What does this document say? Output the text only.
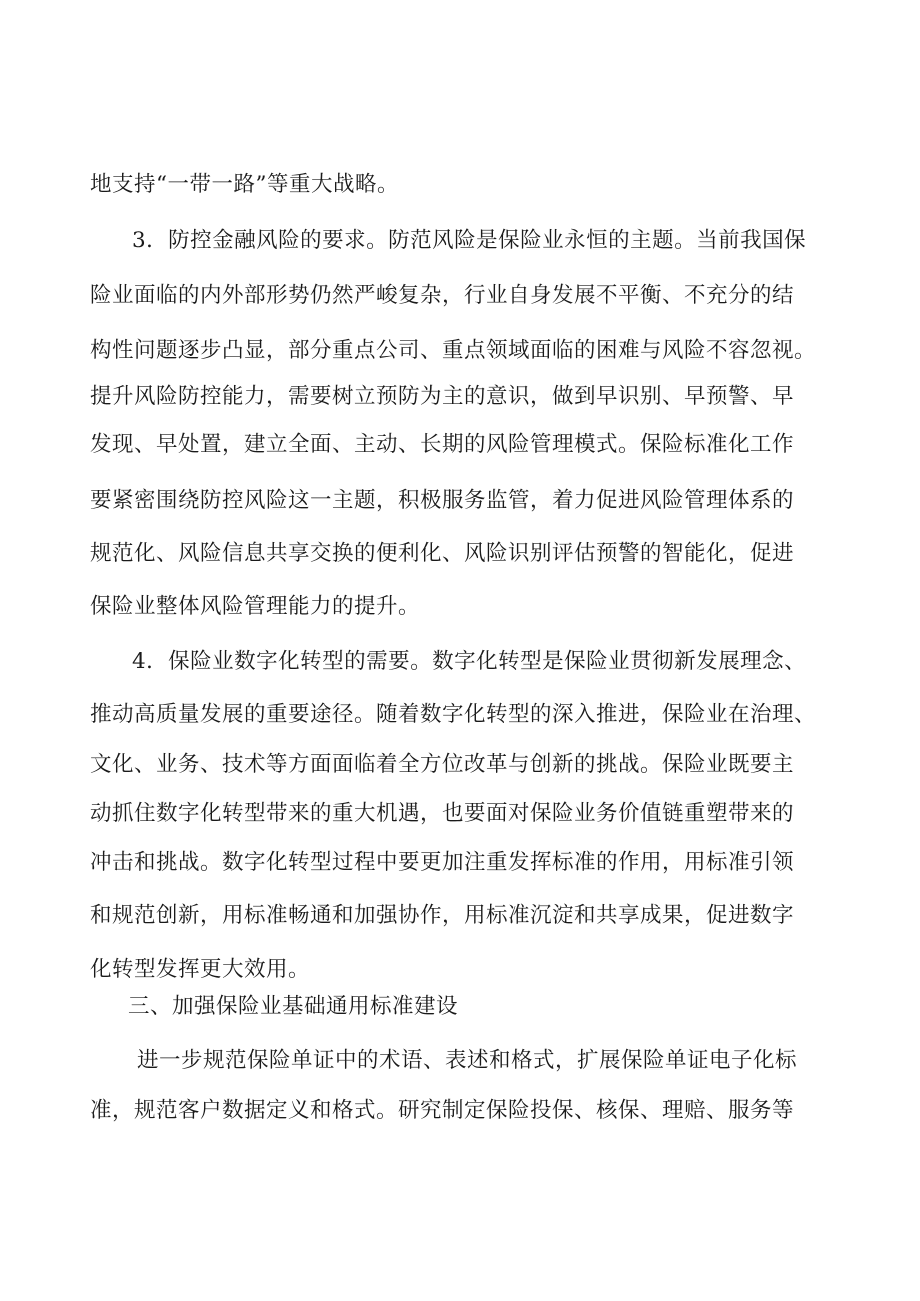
地支持“一带一路”等重大战略。
3．防控金融风险的要求。防范风险是保险业永恒的主题。当前我国保
险业面临的内外部形势仍然严峻复杂，行业自身发展不平衡、不充分的结
构性问题逐步凸显，部分重点公司、重点领域面临的困难与风险不容忽视。
提升风险防控能力，需要树立预防为主的意识，做到早识别、早预警、早
发现、早处置，建立全面、主动、长期的风险管理模式。保险标准化工作
要紧密围绕防控风险这一主题，积极服务监管，着力促进风险管理体系的
规范化、风险信息共享交换的便利化、风险识别评估预警的智能化，促进
保险业整体风险管理能力的提升。
4．保险业数字化转型的需要。数字化转型是保险业贯彻新发展理念、
推动高质量发展的重要途径。随着数字化转型的深入推进，保险业在治理、
文化、业务、技术等方面面临着全方位改革与创新的挑战。保险业既要主
动抓住数字化转型带来的重大机遇，也要面对保险业务价值链重塑带来的
冲击和挑战。数字化转型过程中要更加注重发挥标准的作用，用标准引领
和规范创新，用标准畅通和加强协作，用标准沉淀和共享成果，促进数字
化转型发挥更大效用。
三、加强保险业基础通用标准建设
进一步规范保险单证中的术语、表述和格式，扩展保险单证电子化标
准，规范客户数据定义和格式。研究制定保险投保、核保、理赔、服务等
